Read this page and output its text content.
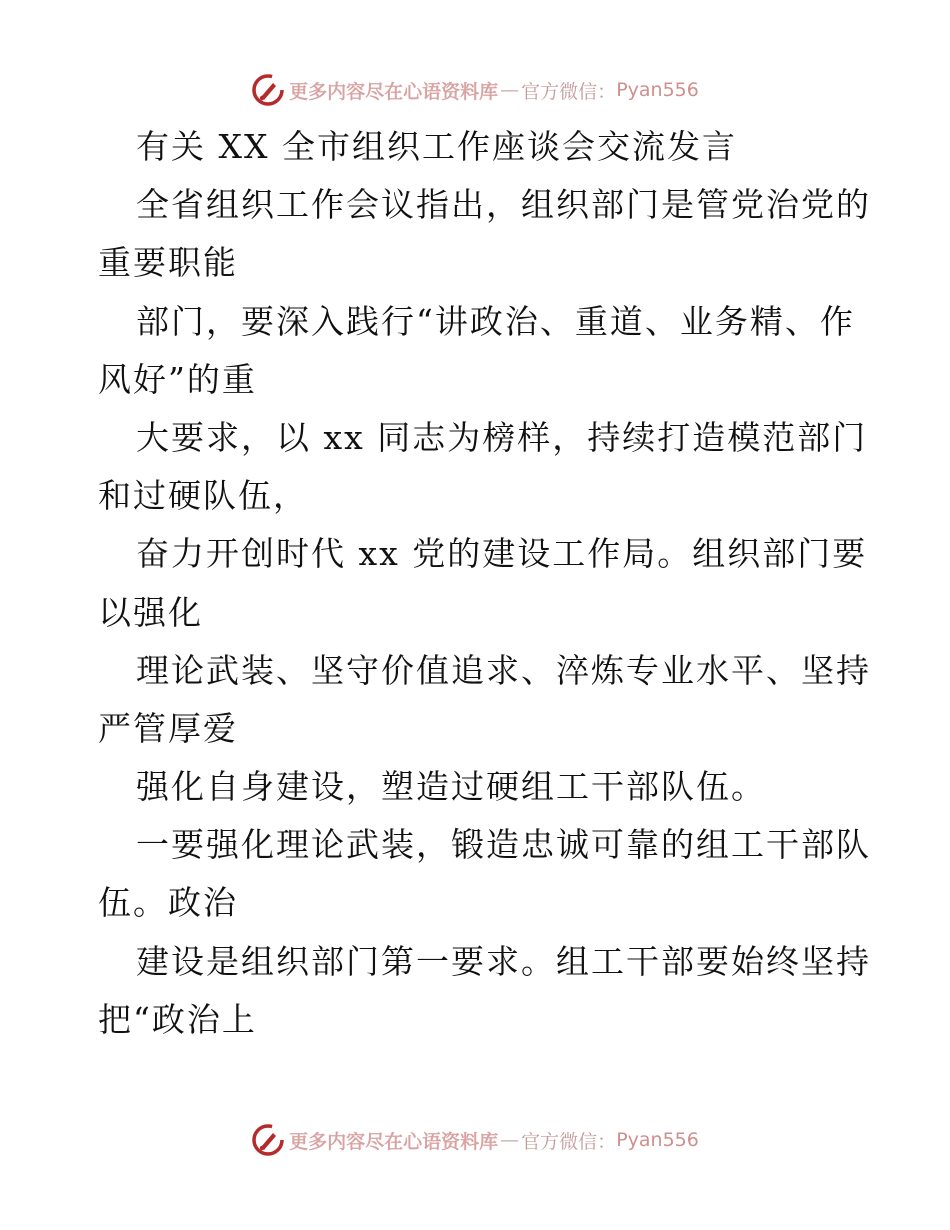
更多内容尽在心语资料库 — 官方微信： Pyan556
有关 XX 全市组织工作座谈会交流发言
全省组织工作会议指出，组织部门是管党治党的
重要职能
部门，要深入践行“讲政治、重道、业务精、作
风好”的重
大要求，以 xx 同志为榜样，持续打造模范部门
和过硬队伍，
奋力开创时代 xx 党的建设工作局。组织部门要
以强化
理论武装、坚守价值追求、淬炼专业水平、坚持
严管厚爱
强化自身建设，塑造过硬组工干部队伍。
一要强化理论武装，锻造忠诚可靠的组工干部队
伍。政治
建设是组织部门第一要求。组工干部要始终坚持
把“政治上
更多内容尽在心语资料库 — 官方微信： Pyan556
